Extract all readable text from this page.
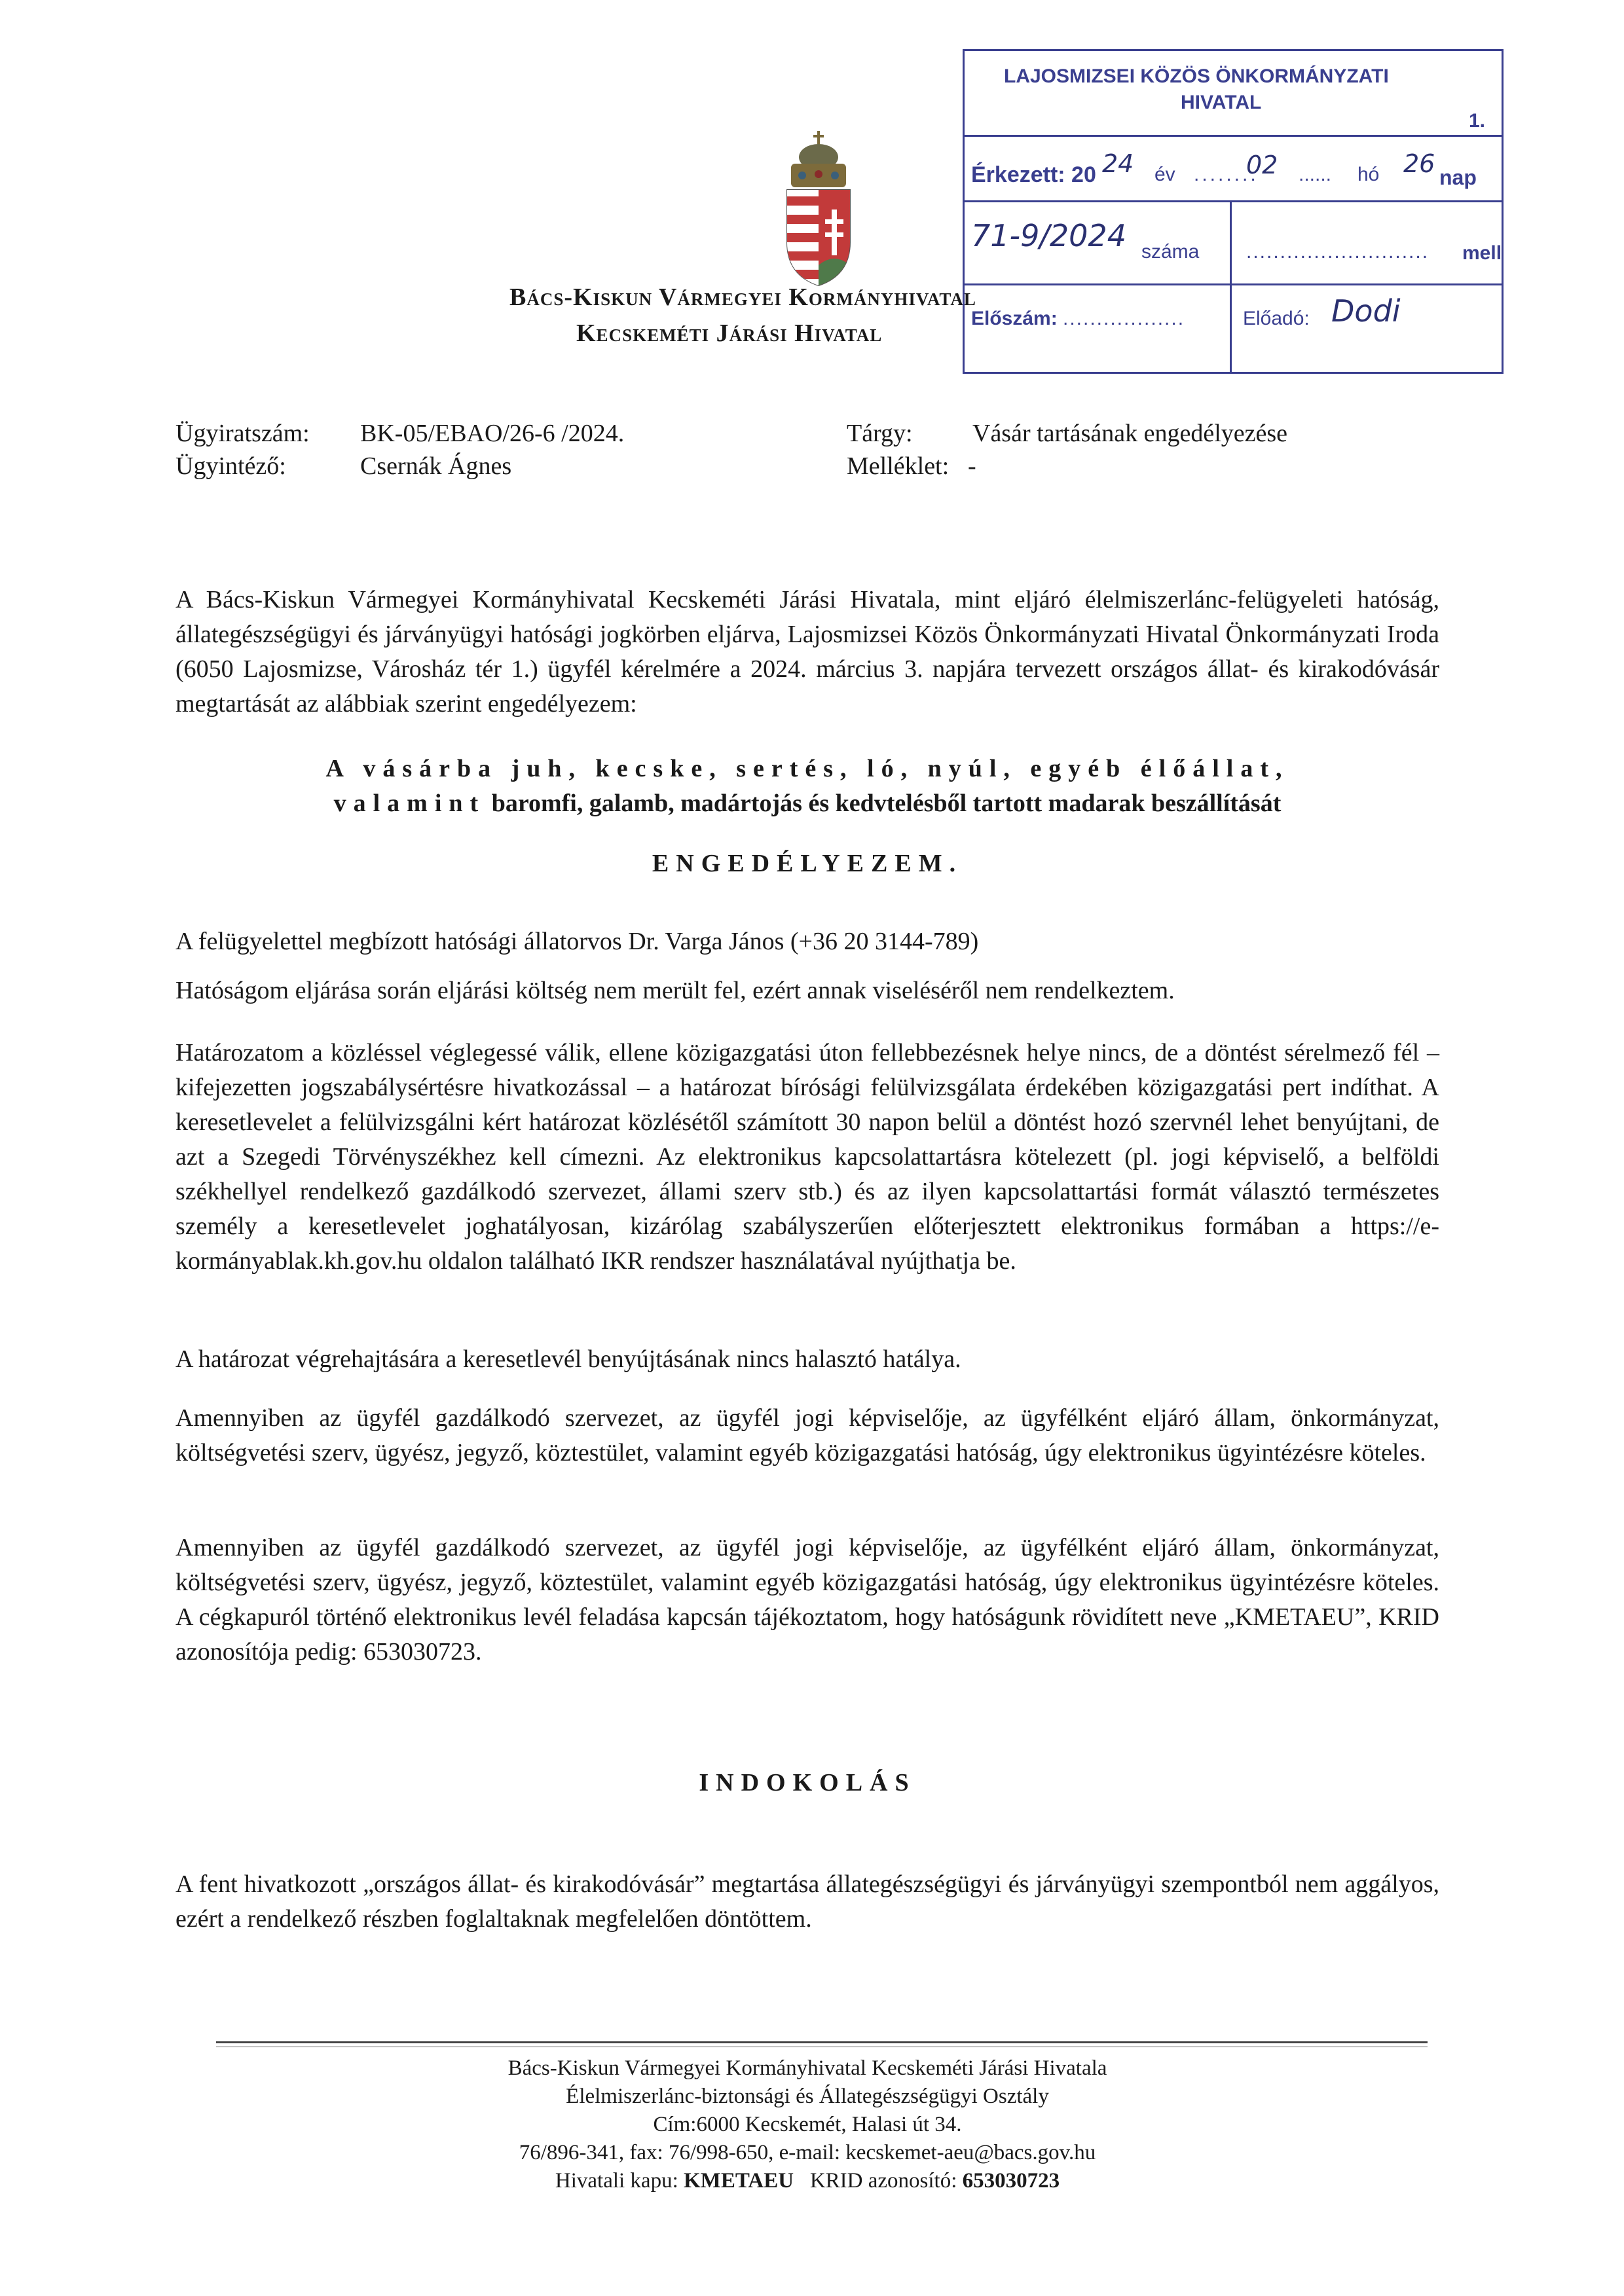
Bács-Kiskun Vármegyei Kormányhivatal
Kecskeméti Járási Hivatal
LAJOSMIZSEI KÖZÖS ÖNKORMÁNYZATI
HIVATAL
1.
Érkezett: 20 24 év ........
02 ...... hó 26 nap
71-9/2024 száma ........................... mell
Előszám: ..................	Előadó: Dodi
Ügyiratszám: BK-05/EBAO/26-6 /2024.
Ügyintéző:	Csernák Ágnes
Tárgy: Vásár tartásának engedélyezése
Melléklet: -

A Bács-Kiskun Vármegyei Kormányhivatal Kecskeméti Járási Hivatala, mint eljáró élelmiszerlánc-felügyeleti hatóság, állategészségügyi és járványügyi hatósági jogkörben eljárva, Lajosmizsei Közös Önkormányzati Hivatal Önkormányzati Iroda (6050 Lajosmizse, Városház tér 1.) ügyfél kérelmére a 2024. március 3. napjára tervezett országos állat- és kirakodóvásár megtartását az alábbiak szerint engedélyezem:

A vásárba juh, kecske, sertés, ló, nyúl, egyéb élőállat,

valamint baromfi, galamb, madártojás és kedvtelésből tartott madarak beszállítását

ENGEDÉLYEZEM.

A felügyelettel megbízott hatósági állatorvos Dr. Varga János (+36 20 3144-789)

Hatóságom eljárása során eljárási költség nem merült fel, ezért annak viseléséről nem rendelkeztem.

Határozatom a közléssel véglegessé válik, ellene közigazgatási úton fellebbezésnek helye nincs, de a döntést sérelmező fél – kifejezetten jogszabálysértésre hivatkozással – a határozat bírósági felülvizsgálata érdekében közigazgatási pert indíthat. A keresetlevelet a felülvizsgálni kért határozat közlésétől számított 30 napon belül a döntést hozó szervnél lehet benyújtani, de azt a Szegedi Törvényszékhez kell címezni. Az elektronikus kapcsolattartásra kötelezett (pl. jogi képviselő, a belföldi székhellyel rendelkező gazdálkodó szervezet, állami szerv stb.) és az ilyen kapcsolattartási formát választó természetes személy a keresetlevelet joghatályosan, kizárólag szabályszerűen előterjesztett elektronikus formában a https://e-kormányablak.kh.gov.hu oldalon található IKR rendszer használatával nyújthatja be.

A határozat végrehajtására a keresetlevél benyújtásának nincs halasztó hatálya.

Amennyiben az ügyfél gazdálkodó szervezet, az ügyfél jogi képviselője, az ügyfélként eljáró állam, önkormányzat, költségvetési szerv, ügyész, jegyző, köztestület, valamint egyéb közigazgatási hatóság, úgy elektronikus ügyintézésre köteles.

Amennyiben az ügyfél gazdálkodó szervezet, az ügyfél jogi képviselője, az ügyfélként eljáró állam, önkormányzat, költségvetési szerv, ügyész, jegyző, köztestület, valamint egyéb közigazgatási hatóság, úgy elektronikus ügyintézésre köteles. A cégkapuról történő elektronikus levél feladása kapcsán tájékoztatom, hogy hatóságunk rövidített neve „KMETAEU”, KRID azonosítója pedig: 653030723.

INDOKOLÁS

A fent hivatkozott „országos állat- és kirakodóvásár” megtartása állategészségügyi és járványügyi szempontból nem aggályos, ezért a rendelkező részben foglaltaknak megfelelően döntöttem.

Bács-Kiskun Vármegyei Kormányhivatal Kecskeméti Járási Hivatala
Élelmiszerlánc-biztonsági és Állategészségügyi Osztály
Cím:6000 Kecskemét, Halasi út 34.
76/896-341, fax: 76/998-650, e-mail: kecskemet-aeu@bacs.gov.hu
Hivatali kapu: KMETAEU KRID azonosító: 653030723
